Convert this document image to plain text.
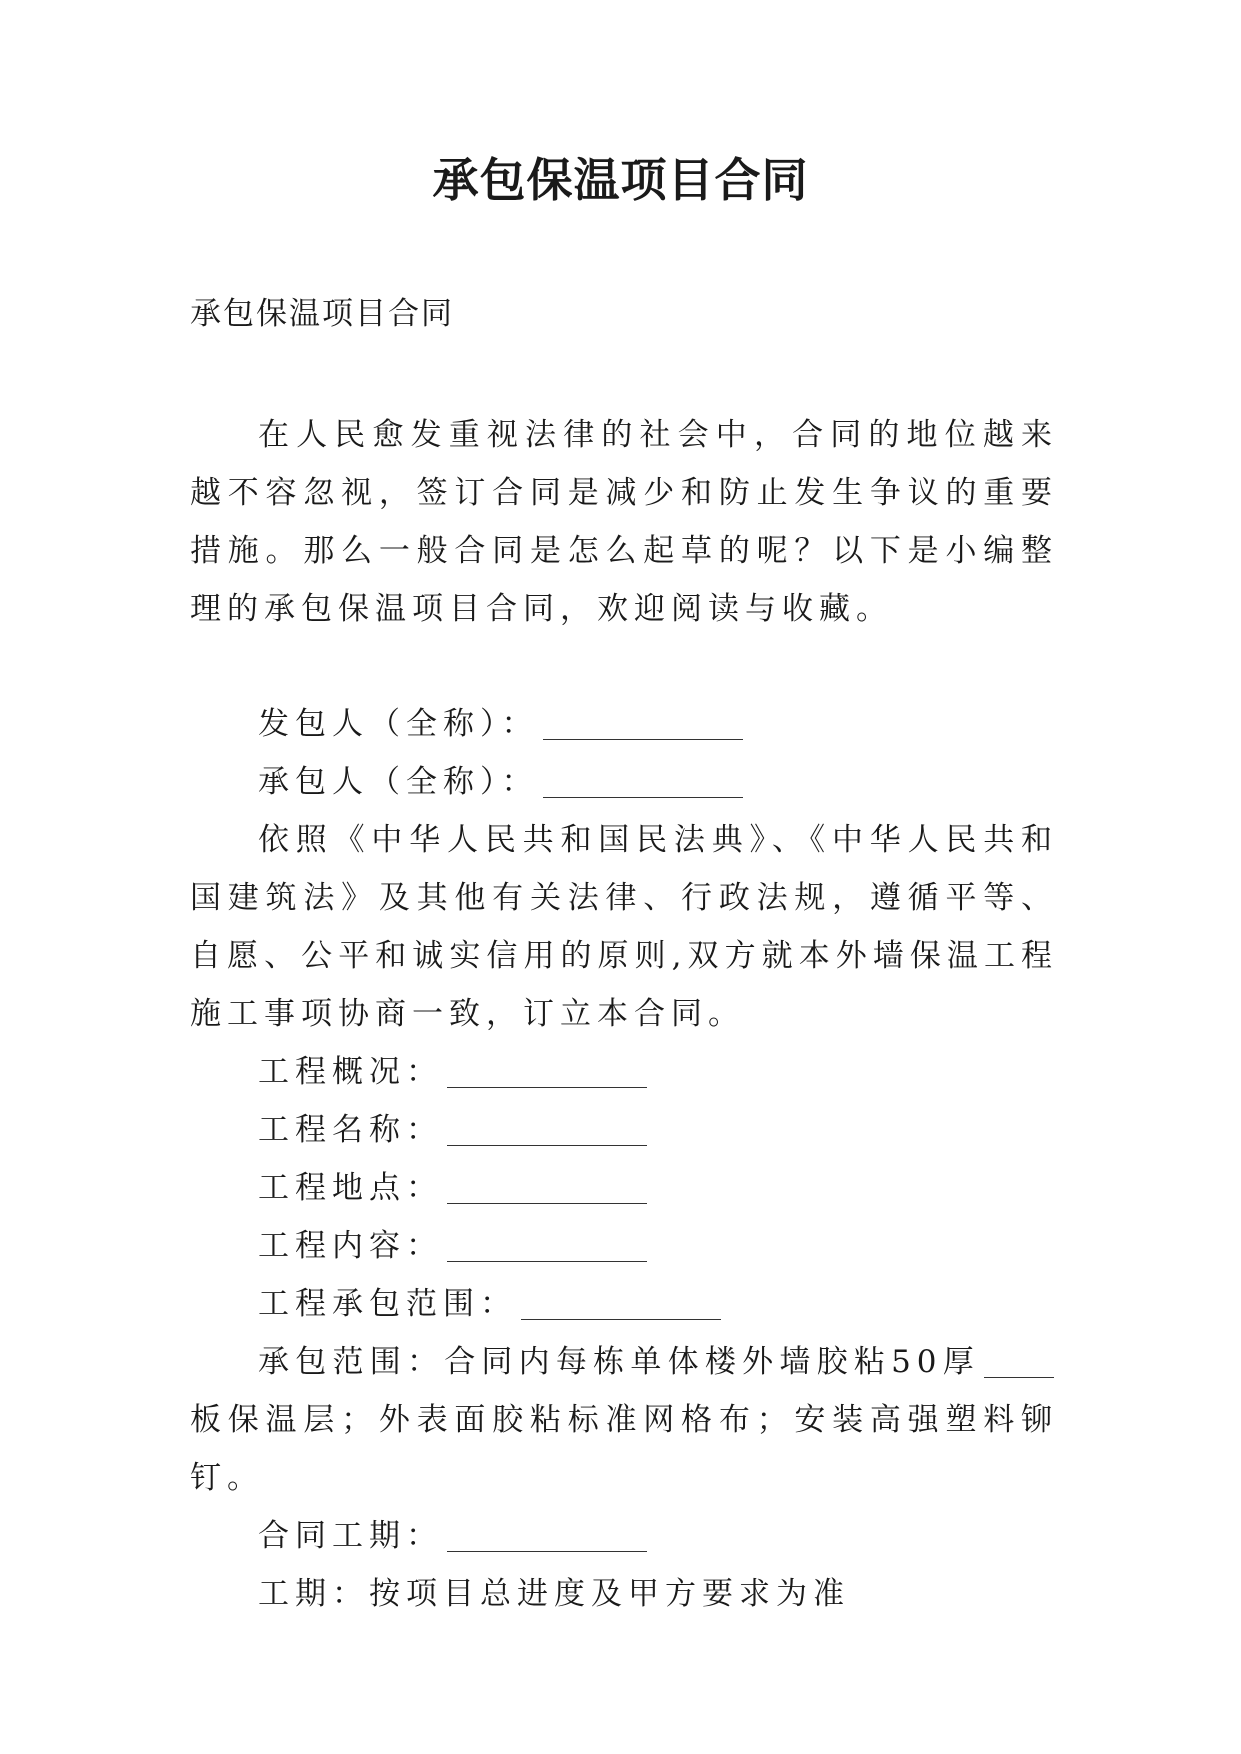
承包保温项目合同
承包保温项目合同

在人民愈发重视法律的社会中，合同的地位越来越不容忽视，签订合同是减少和防止发生争议的重要措施。那么一般合同是怎么起草的呢？以下是小编整理的承包保温项目合同，欢迎阅读与收藏。

发包人（全称）：

承包人（全称）：

依照《中华人民共和国民法典》、《中华人民共和国建筑法》及其他有关法律、行政法规，遵循平等、自愿、公平和诚实信用的原则,双方就本外墙保温工程施工事项协商一致，订立本合同。

工程概况：

工程名称：

工程地点：

工程内容：

工程承包范围：

承包范围：合同内每栋单体楼外墙胶粘50厚板保温层；外表面胶粘标准网格布；安装高强塑料铆钉。

合同工期：

工期：按项目总进度及甲方要求为准
